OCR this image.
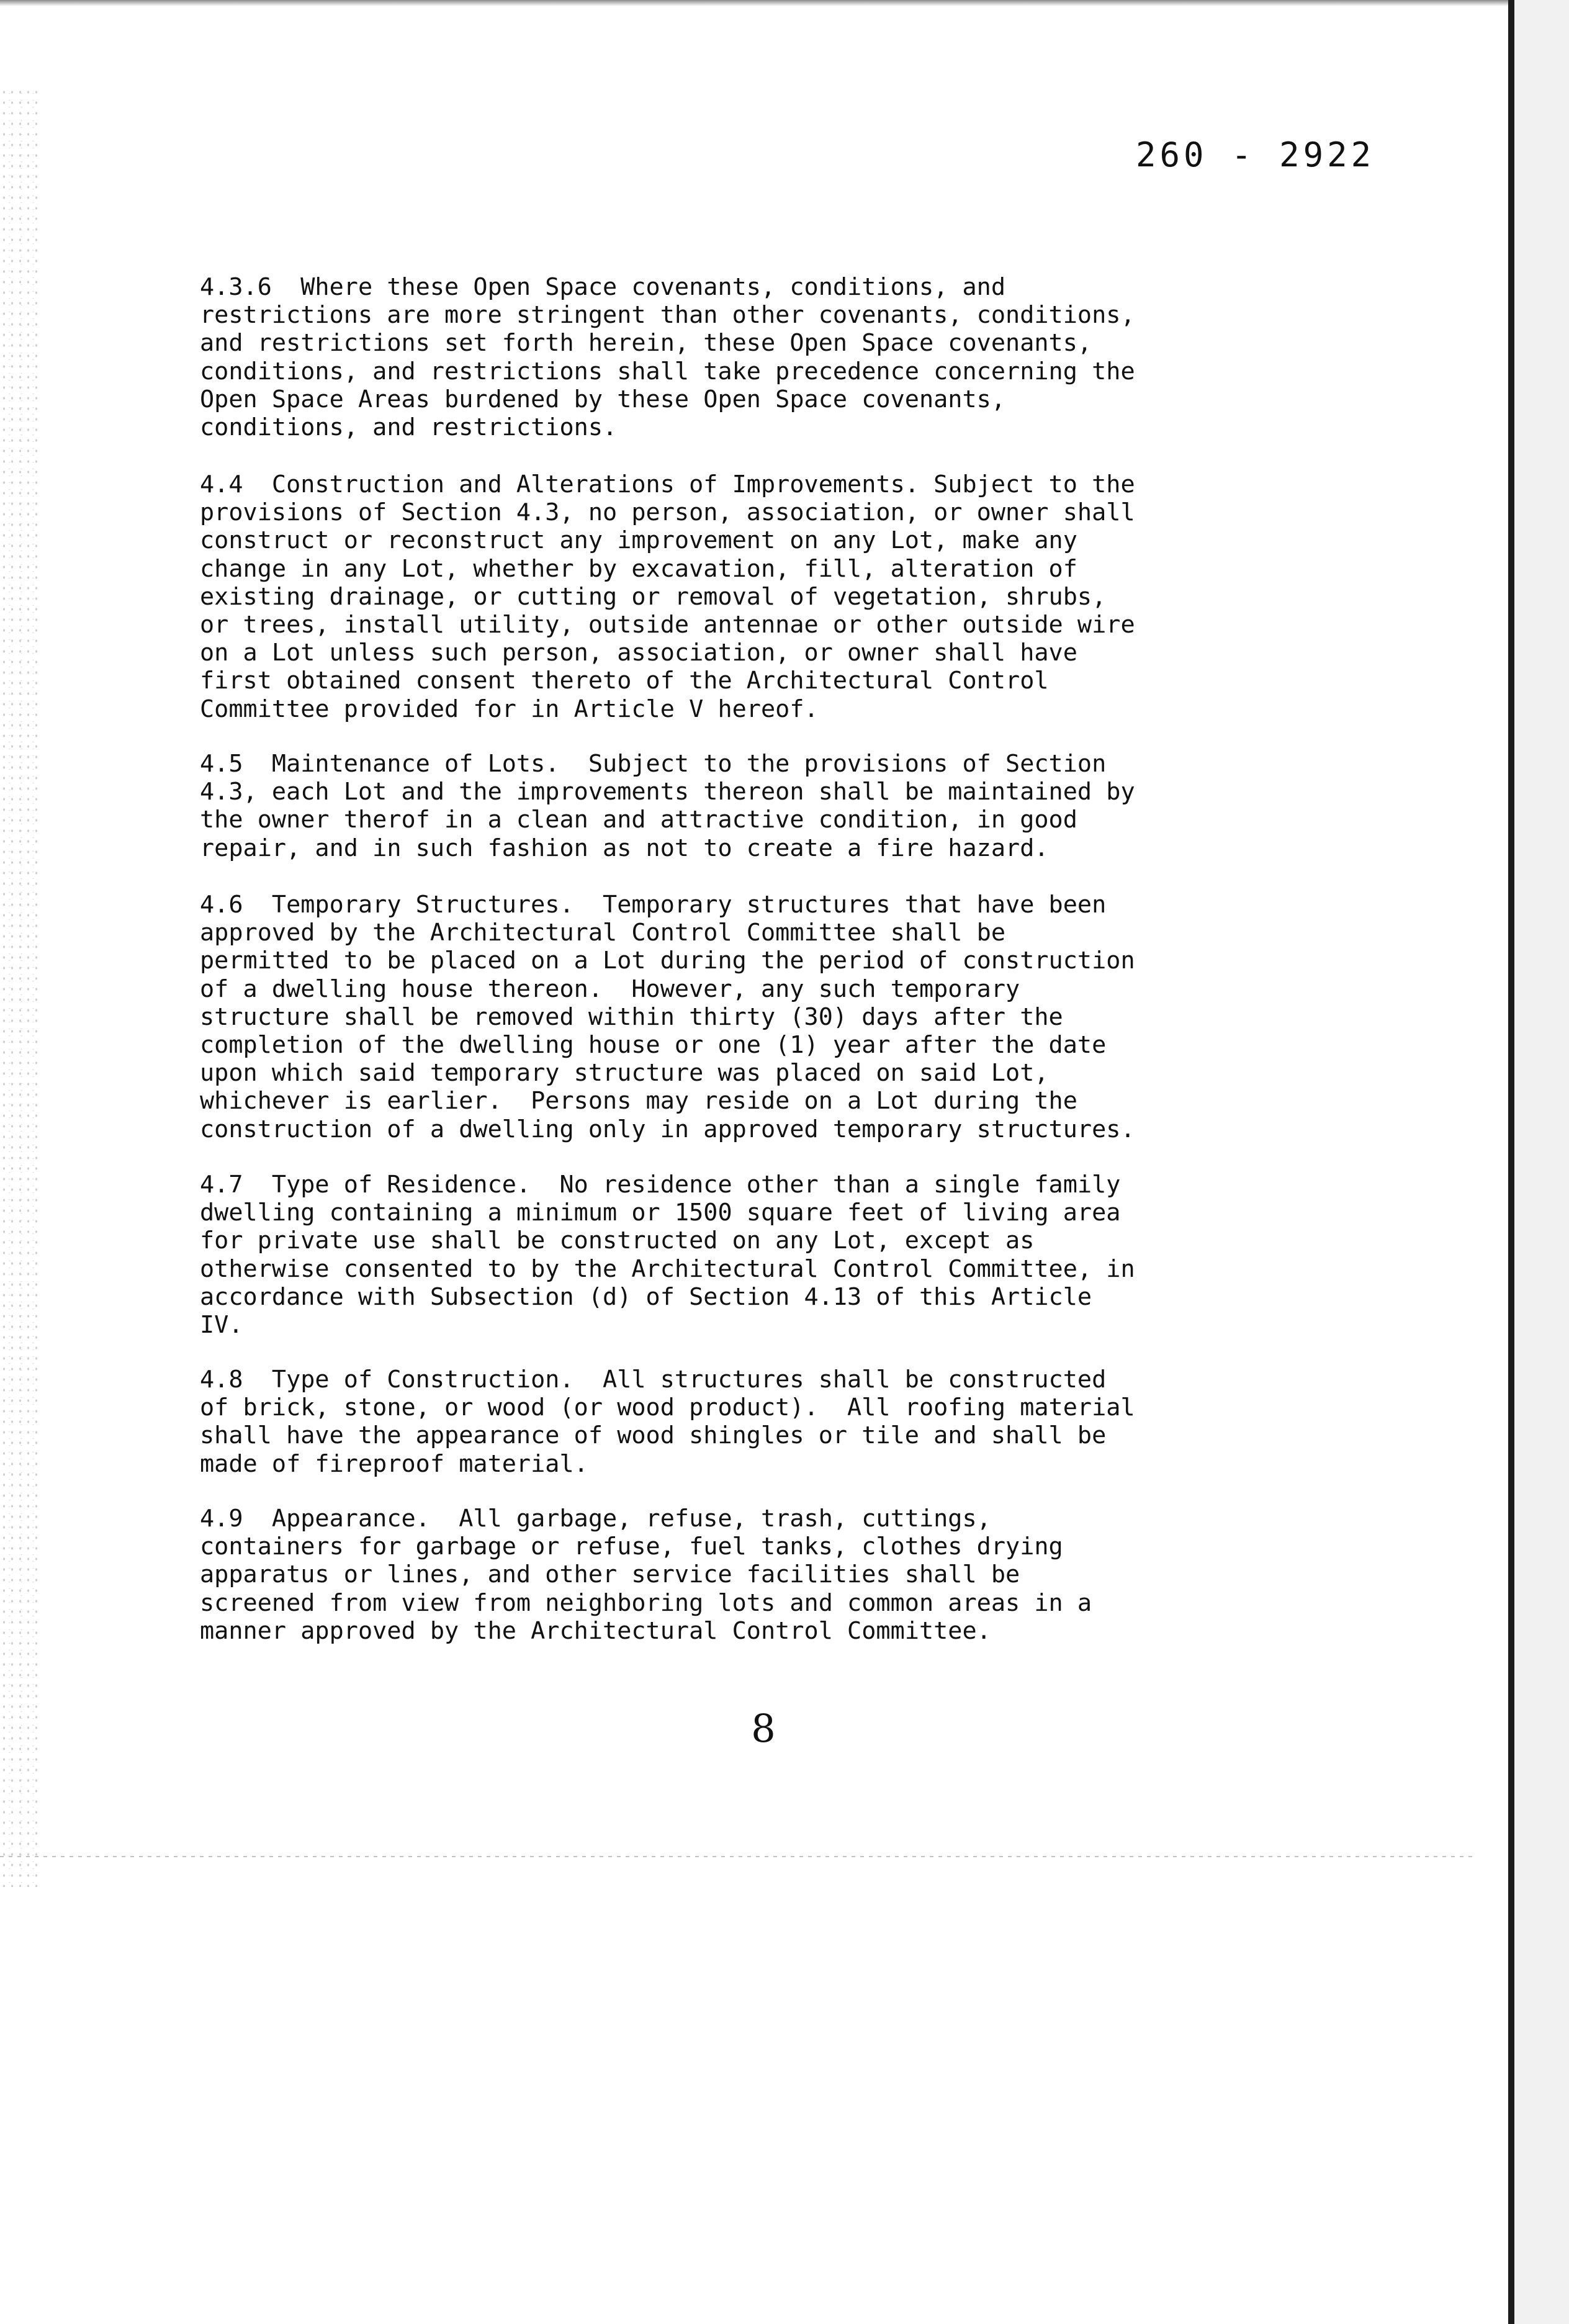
260 - 2922

4.3.6  Where these Open Space covenants, conditions, and
restrictions are more stringent than other covenants, conditions,
and restrictions set forth herein, these Open Space covenants,
conditions, and restrictions shall take precedence concerning the
Open Space Areas burdened by these Open Space covenants,
conditions, and restrictions.

4.4  Construction and Alterations of Improvements. Subject to the
provisions of Section 4.3, no person, association, or owner shall
construct or reconstruct any improvement on any Lot, make any
change in any Lot, whether by excavation, fill, alteration of
existing drainage, or cutting or removal of vegetation, shrubs,
or trees, install utility, outside antennae or other outside wire
on a Lot unless such person, association, or owner shall have
first obtained consent thereto of the Architectural Control
Committee provided for in Article V hereof.

4.5  Maintenance of Lots.  Subject to the provisions of Section
4.3, each Lot and the improvements thereon shall be maintained by
the owner therof in a clean and attractive condition, in good
repair, and in such fashion as not to create a fire hazard.

4.6  Temporary Structures.  Temporary structures that have been
approved by the Architectural Control Committee shall be
permitted to be placed on a Lot during the period of construction
of a dwelling house thereon.  However, any such temporary
structure shall be removed within thirty (30) days after the
completion of the dwelling house or one (1) year after the date
upon which said temporary structure was placed on said Lot,
whichever is earlier.  Persons may reside on a Lot during the
construction of a dwelling only in approved temporary structures.

4.7  Type of Residence.  No residence other than a single family
dwelling containing a minimum or 1500 square feet of living area
for private use shall be constructed on any Lot, except as
otherwise consented to by the Architectural Control Committee, in
accordance with Subsection (d) of Section 4.13 of this Article
IV.

4.8  Type of Construction.  All structures shall be constructed
of brick, stone, or wood (or wood product).  All roofing material
shall have the appearance of wood shingles or tile and shall be
made of fireproof material.

4.9  Appearance.  All garbage, refuse, trash, cuttings,
containers for garbage or refuse, fuel tanks, clothes drying
apparatus or lines, and other service facilities shall be
screened from view from neighboring lots and common areas in a
manner approved by the Architectural Control Committee.

8
